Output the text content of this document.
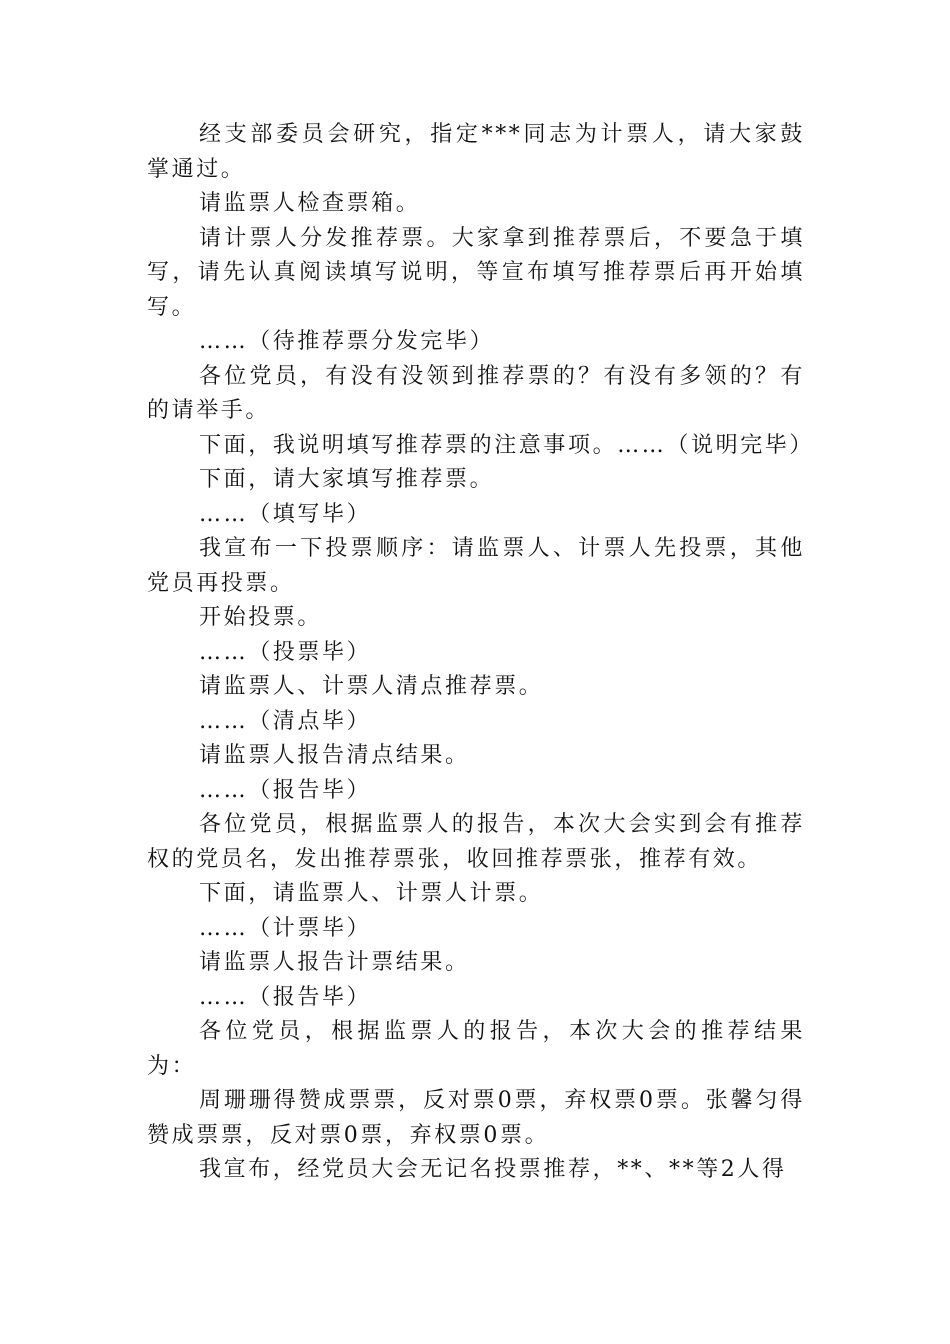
经支部委员会研究，指定***同志为计票人，请大家鼓掌通过。

请监票人检查票箱。

请计票人分发推荐票。大家拿到推荐票后，不要急于填写，请先认真阅读填写说明，等宣布填写推荐票后再开始填写。

……（待推荐票分发完毕）

各位党员，有没有没领到推荐票的？有没有多领的？有的请举手。

下面，我说明填写推荐票的注意事项。……（说明完毕）

下面，请大家填写推荐票。

……（填写毕）

我宣布一下投票顺序：请监票人、计票人先投票，其他党员再投票。

开始投票。

……（投票毕）

请监票人、计票人清点推荐票。

……（清点毕）

请监票人报告清点结果。

……（报告毕）

各位党员，根据监票人的报告，本次大会实到会有推荐权的党员名，发出推荐票张，收回推荐票张，推荐有效。

下面，请监票人、计票人计票。

……（计票毕）

请监票人报告计票结果。

……（报告毕）

各位党员，根据监票人的报告，本次大会的推荐结果为：

周珊珊得赞成票票，反对票0票，弃权票0票。张馨匀得赞成票票，反对票0票，弃权票0票。

我宣布，经党员大会无记名投票推荐，**、**等2人得
